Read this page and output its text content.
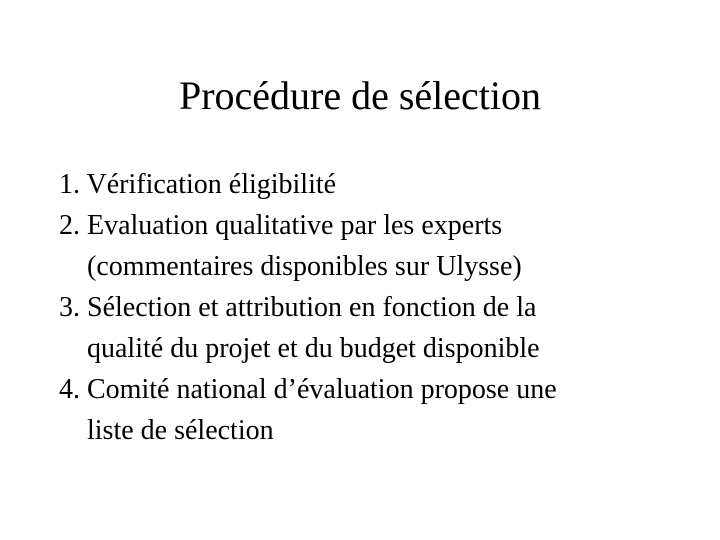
Procédure de sélection
1. Vérification éligibilité
2. Evaluation qualitative par les experts
(commentaires disponibles sur Ulysse)
3. Sélection et attribution en fonction de la
qualité du projet et du budget disponible
4. Comité national d’évaluation propose une
liste de sélection
